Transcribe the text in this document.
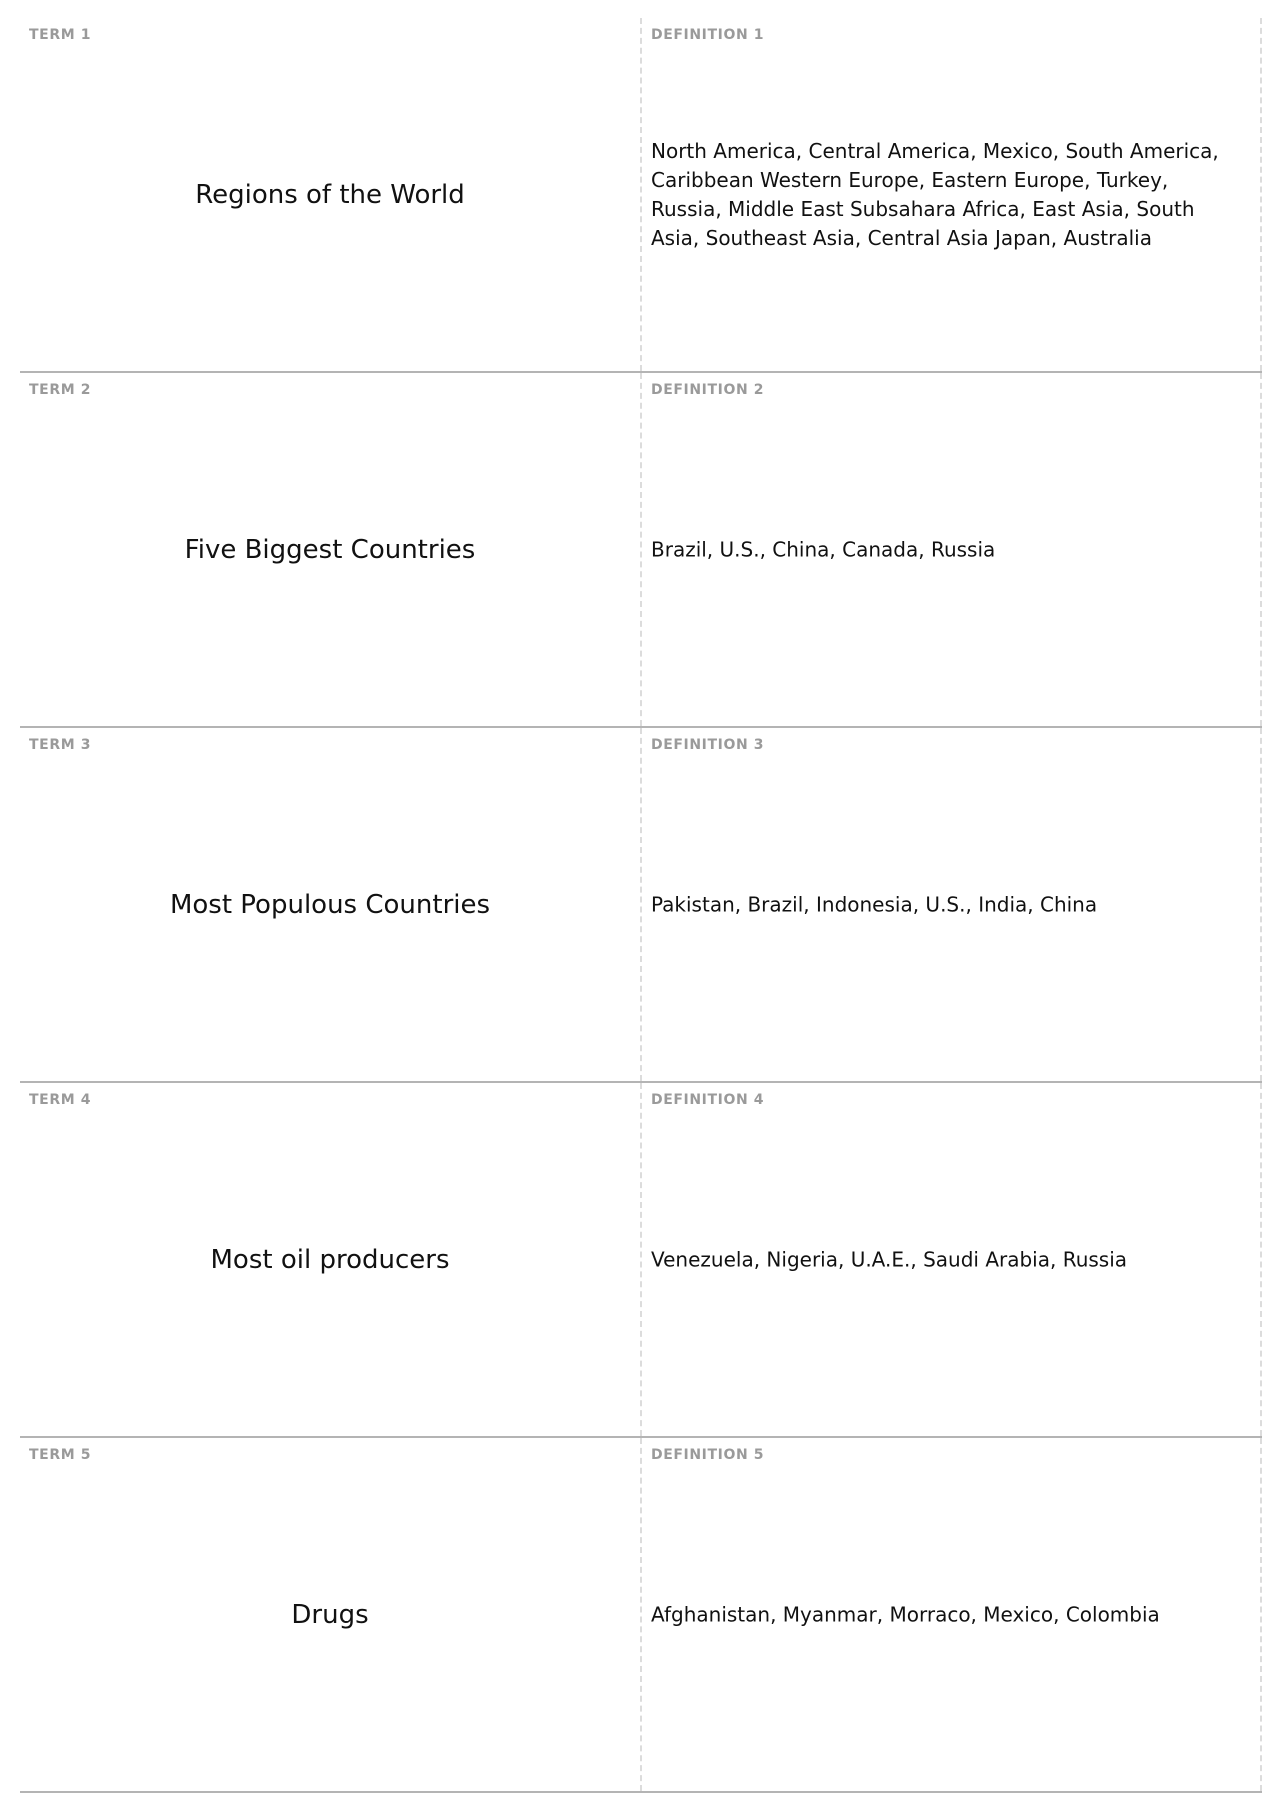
TERM 1
Regions of the World
DEFINITION 1
North America, Central America, Mexico, South America, Caribbean Western Europe, Eastern Europe, Turkey, Russia, Middle East Subsahara Africa, East Asia, South Asia, Southeast Asia, Central Asia Japan, Australia
TERM 2
Five Biggest Countries
DEFINITION 2
Brazil, U.S., China, Canada, Russia
TERM 3
Most Populous Countries
DEFINITION 3
Pakistan, Brazil, Indonesia, U.S., India, China
TERM 4
Most oil producers
DEFINITION 4
Venezuela, Nigeria, U.A.E., Saudi Arabia, Russia
TERM 5
Drugs
DEFINITION 5
Afghanistan, Myanmar, Morraco, Mexico, Colombia
